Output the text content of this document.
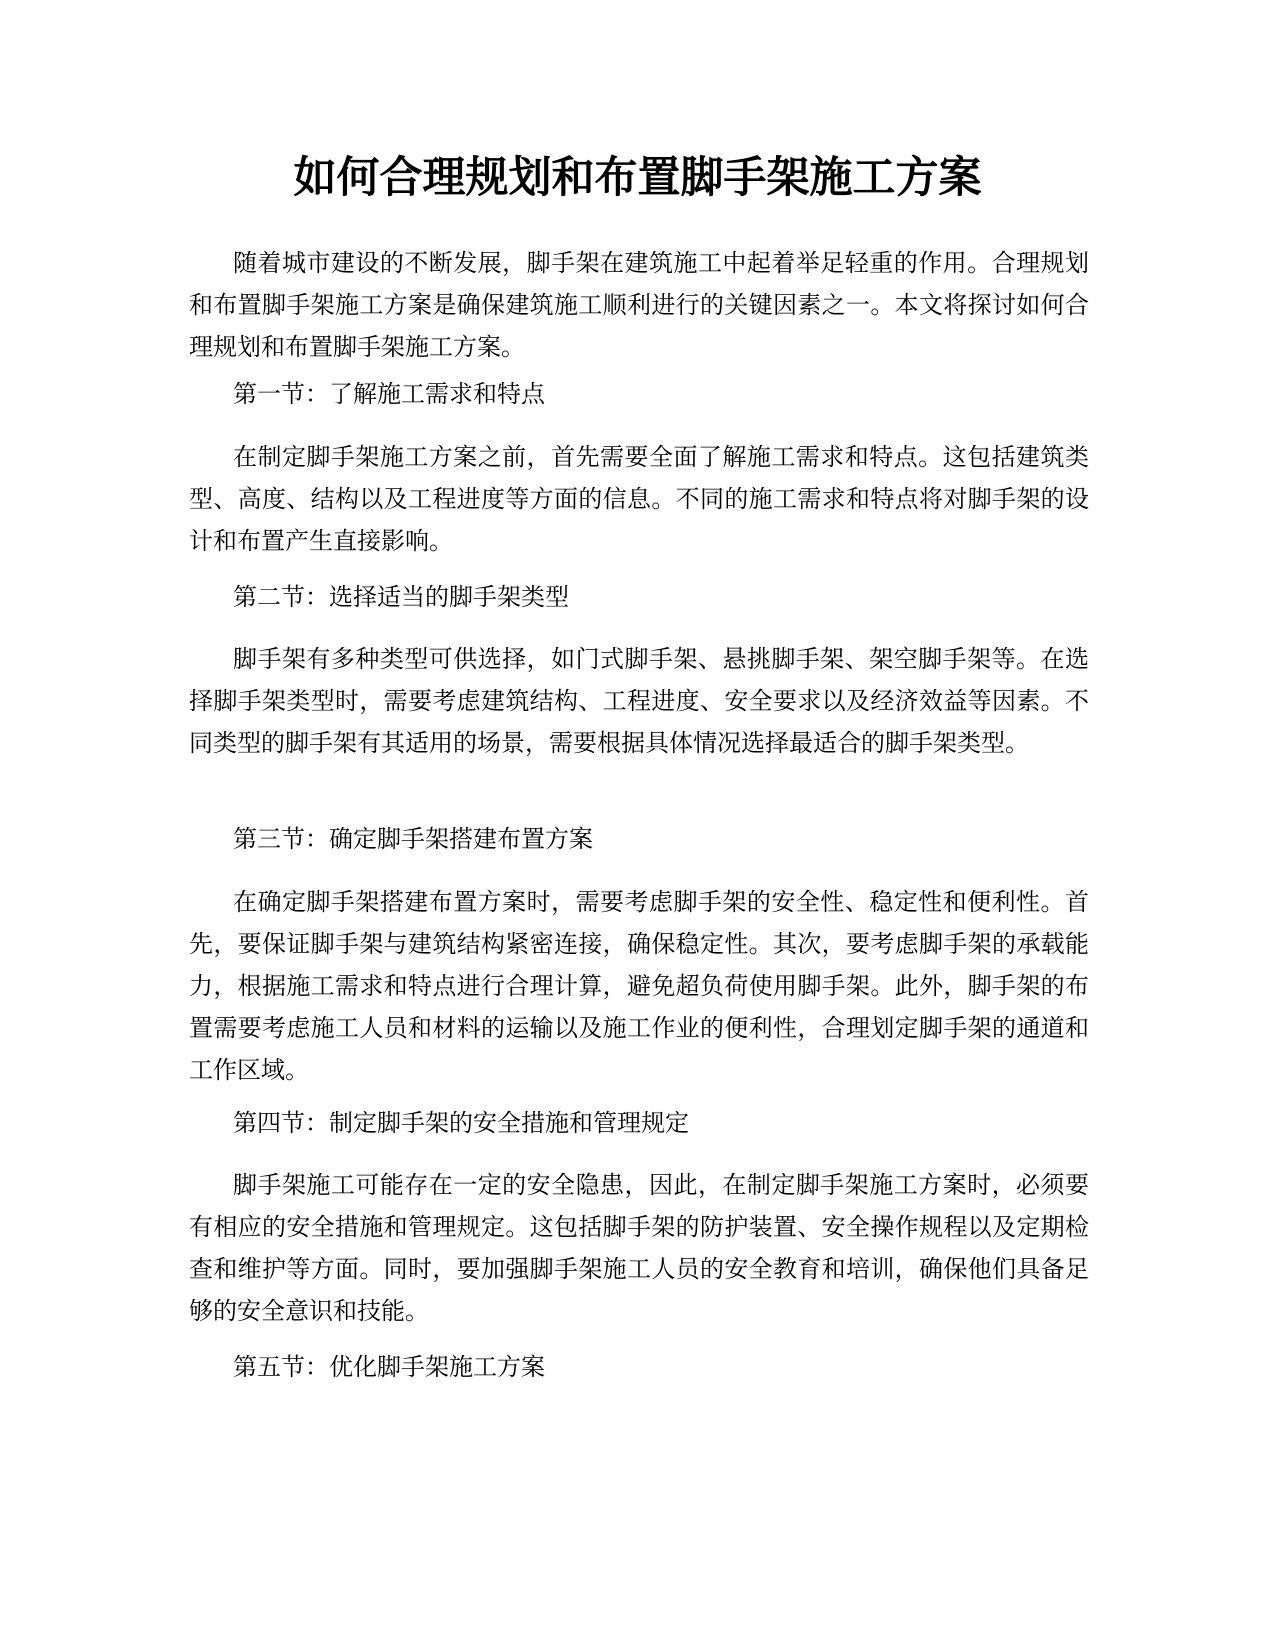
如何合理规划和布置脚手架施工方案

随着城市建设的不断发展，脚手架在建筑施工中起着举足轻重的作用。合理规划和布置脚手架施工方案是确保建筑施工顺利进行的关键因素之一。本文将探讨如何合理规划和布置脚手架施工方案。

第一节：了解施工需求和特点

在制定脚手架施工方案之前，首先需要全面了解施工需求和特点。这包括建筑类型、高度、结构以及工程进度等方面的信息。不同的施工需求和特点将对脚手架的设计和布置产生直接影响。

第二节：选择适当的脚手架类型

脚手架有多种类型可供选择，如门式脚手架、悬挑脚手架、架空脚手架等。在选择脚手架类型时，需要考虑建筑结构、工程进度、安全要求以及经济效益等因素。不同类型的脚手架有其适用的场景，需要根据具体情况选择最适合的脚手架类型。

第三节：确定脚手架搭建布置方案

在确定脚手架搭建布置方案时，需要考虑脚手架的安全性、稳定性和便利性。首先，要保证脚手架与建筑结构紧密连接，确保稳定性。其次，要考虑脚手架的承载能力，根据施工需求和特点进行合理计算，避免超负荷使用脚手架。此外，脚手架的布置需要考虑施工人员和材料的运输以及施工作业的便利性，合理划定脚手架的通道和工作区域。

第四节：制定脚手架的安全措施和管理规定

脚手架施工可能存在一定的安全隐患，因此，在制定脚手架施工方案时，必须要有相应的安全措施和管理规定。这包括脚手架的防护装置、安全操作规程以及定期检查和维护等方面。同时，要加强脚手架施工人员的安全教育和培训，确保他们具备足够的安全意识和技能。

第五节：优化脚手架施工方案
